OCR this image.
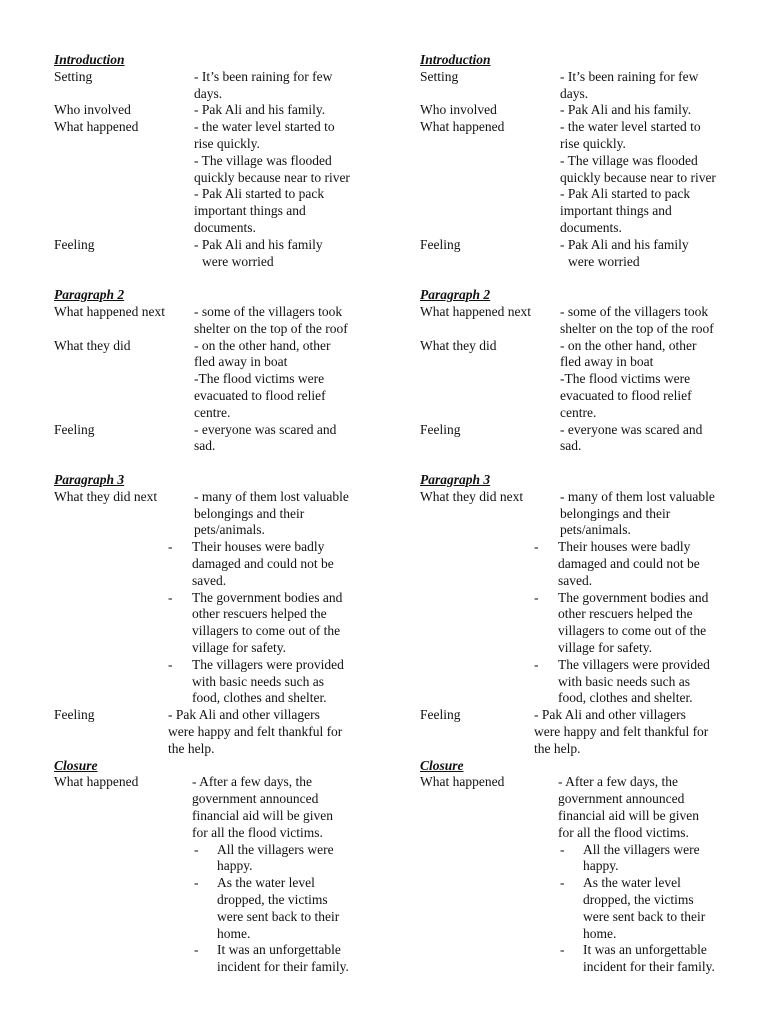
Introduction
Setting	- It’s been raining for few
days.
Who involved	- Pak Ali and his family.
What happened	- the water level started to
rise quickly.
- The village was flooded
quickly because near to river
- Pak Ali started to pack
important things and
documents.
Feeling	- Pak Ali and his family
were worried
Paragraph 2
What happened next - some of the villagers took
shelter on the top of the roof
What they did	- on the other hand, other
fled away in boat
-The flood victims were
evacuated to flood relief
centre.
Feeling	- everyone was scared and
sad.
Paragraph 3
What they did next	- many of them lost valuable
belongings and their
pets/animals.
- Their houses were badly
damaged and could not be
saved.
- The government bodies and
other rescuers helped the
villagers to come out of the
village for safety.
- The villagers were provided
with basic needs such as
food, clothes and shelter.
Feeling	- Pak Ali and other villagers
were happy and felt thankful for
the help.
Closure
What happened	- After a few days, the
government announced
financial aid will be given
for all the flood victims.
- All the villagers were
happy.
- As the water level
dropped, the victims
were sent back to their
home.
- It was an unforgettable
incident for their family.
Introduction
Setting	- It’s been raining for few
days.
Who involved	- Pak Ali and his family.
What happened	- the water level started to
rise quickly.
- The village was flooded
quickly because near to river
- Pak Ali started to pack
important things and
documents.
Feeling	- Pak Ali and his family
were worried
Paragraph 2
What happened next - some of the villagers took
shelter on the top of the roof
What they did	- on the other hand, other
fled away in boat
-The flood victims were
evacuated to flood relief
centre.
Feeling	- everyone was scared and
sad.
Paragraph 3
What they did next	- many of them lost valuable
belongings and their
pets/animals.
- Their houses were badly
damaged and could not be
saved.
- The government bodies and
other rescuers helped the
villagers to come out of the
village for safety.
- The villagers were provided
with basic needs such as
food, clothes and shelter.
Feeling	- Pak Ali and other villagers
were happy and felt thankful for
the help.
Closure
What happened	- After a few days, the
government announced
financial aid will be given
for all the flood victims.
- All the villagers were
happy.
- As the water level
dropped, the victims
were sent back to their
home.
- It was an unforgettable
incident for their family.
